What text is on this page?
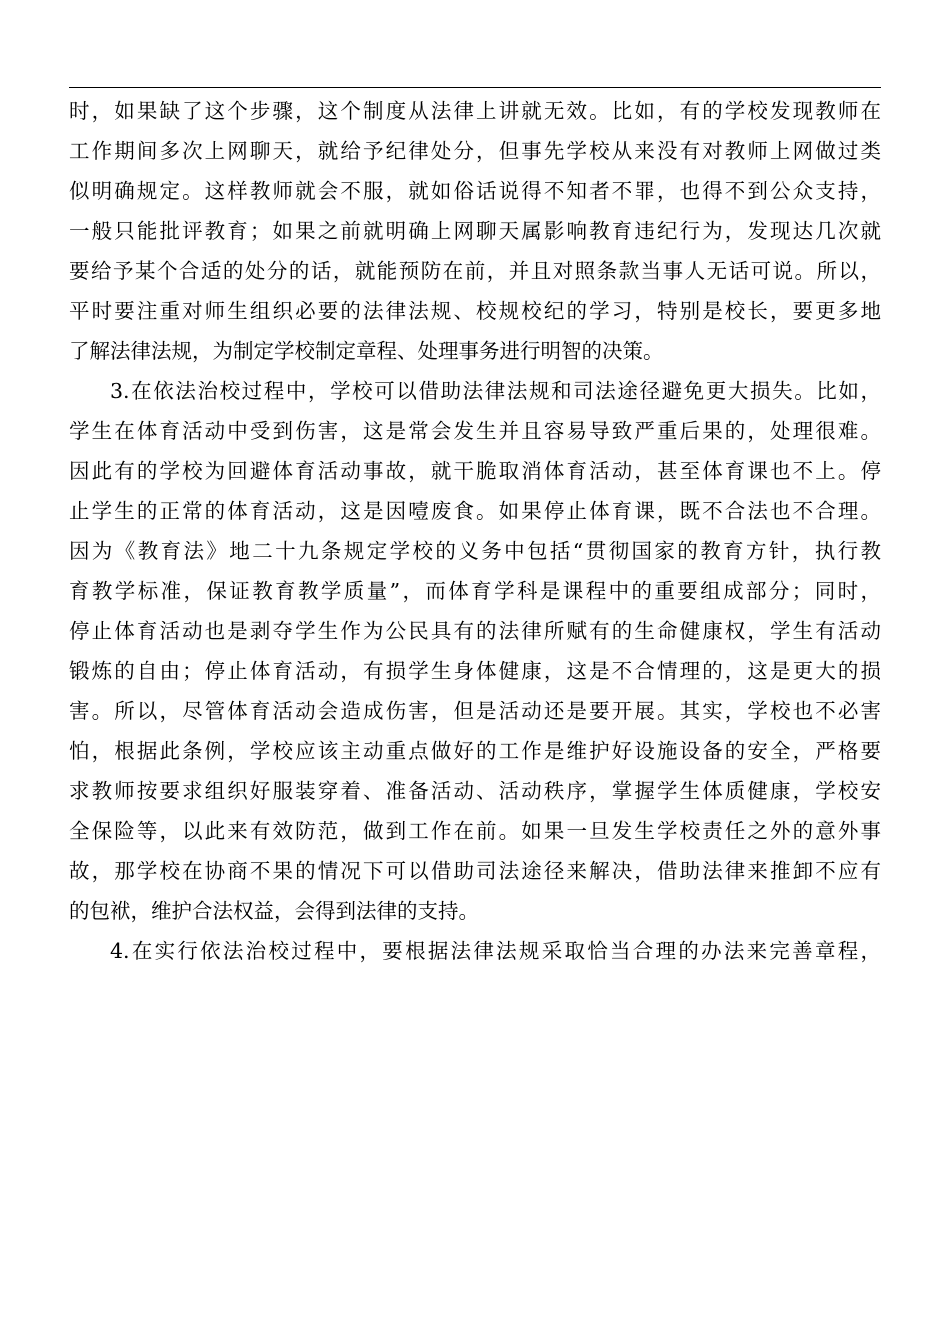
时，如果缺了这个步骤，这个制度从法律上讲就无效。比如，有的学校发现教师在
工作期间多次上网聊天，就给予纪律处分，但事先学校从来没有对教师上网做过类
似明确规定。这样教师就会不服，就如俗话说得不知者不罪，也得不到公众支持，
一般只能批评教育；如果之前就明确上网聊天属影响教育违纪行为，发现达几次就
要给予某个合适的处分的话，就能预防在前，并且对照条款当事人无话可说。所以，
平时要注重对师生组织必要的法律法规、校规校纪的学习，特别是校长，要更多地
了解法律法规，为制定学校制定章程、处理事务进行明智的决策。
3.在依法治校过程中，学校可以借助法律法规和司法途径避免更大损失。比如，
学生在体育活动中受到伤害，这是常会发生并且容易导致严重后果的，处理很难。
因此有的学校为回避体育活动事故，就干脆取消体育活动，甚至体育课也不上。停
止学生的正常的体育活动，这是因噎废食。如果停止体育课，既不合法也不合理。
因为《教育法》地二十九条规定学校的义务中包括“贯彻国家的教育方针，执行教
育教学标准，保证教育教学质量”，而体育学科是课程中的重要组成部分；同时，
停止体育活动也是剥夺学生作为公民具有的法律所赋有的生命健康权，学生有活动
锻炼的自由；停止体育活动，有损学生身体健康，这是不合情理的，这是更大的损
害。所以，尽管体育活动会造成伤害，但是活动还是要开展。其实，学校也不必害
怕，根据此条例，学校应该主动重点做好的工作是维护好设施设备的安全，严格要
求教师按要求组织好服装穿着、准备活动、活动秩序，掌握学生体质健康，学校安
全保险等，以此来有效防范，做到工作在前。如果一旦发生学校责任之外的意外事
故，那学校在协商不果的情况下可以借助司法途径来解决，借助法律来推卸不应有
的包袱，维护合法权益，会得到法律的支持。
4.在实行依法治校过程中，要根据法律法规采取恰当合理的办法来完善章程，
